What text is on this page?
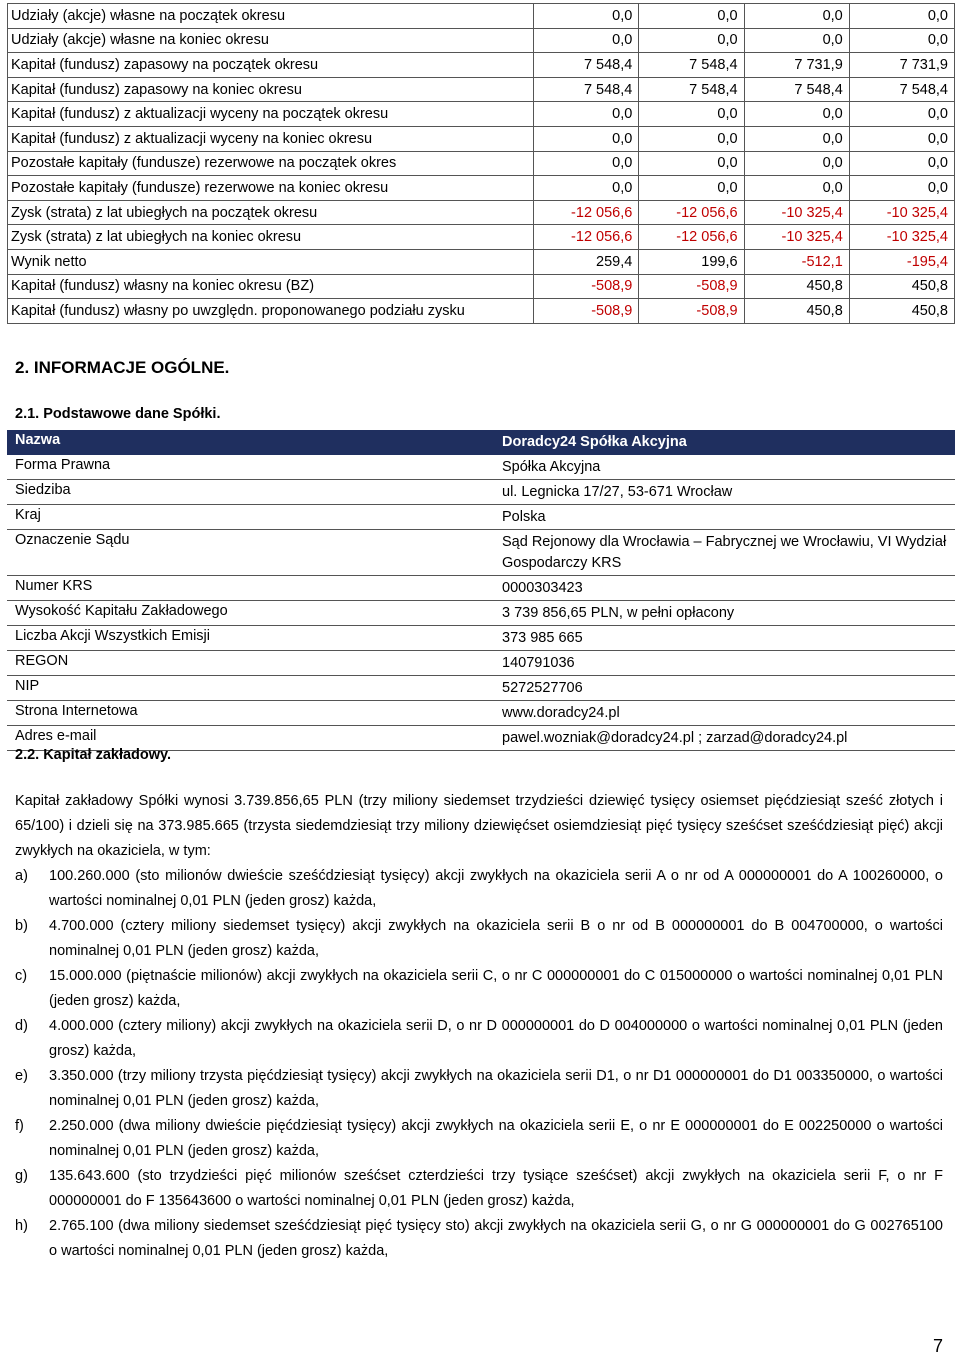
Udziały (akcje) własne na początek okresu	0,0	0,0	0,0	0,0
Udziały (akcje) własne na koniec okresu	0,0	0,0	0,0	0,0
Kapitał (fundusz) zapasowy na początek okresu	7 548,4	7 548,4	7 731,9	7 731,9
Kapitał (fundusz) zapasowy na koniec okresu	7 548,4	7 548,4	7 548,4	7 548,4
Kapitał (fundusz) z aktualizacji wyceny na początek okresu	0,0	0,0	0,0	0,0
Kapitał (fundusz) z aktualizacji wyceny na koniec okresu	0,0	0,0	0,0	0,0
Pozostałe kapitały (fundusze) rezerwowe na początek okres	0,0	0,0	0,0	0,0
Pozostałe kapitały (fundusze) rezerwowe na koniec okresu	0,0	0,0	0,0	0,0
Zysk (strata) z lat ubiegłych na początek okresu	-12 056,6	-12 056,6	-10 325,4	-10 325,4
Zysk (strata) z lat ubiegłych na koniec okresu	-12 056,6	-12 056,6	-10 325,4	-10 325,4
Wynik netto	259,4	199,6	-512,1	-195,4
Kapitał (fundusz) własny na koniec okresu (BZ)	-508,9	-508,9	450,8	450,8
Kapitał (fundusz) własny po uwzględn. proponowanego podziału zysku	-508,9	-508,9	450,8	450,8
2. INFORMACJE OGÓLNE.
2.1. Podstawowe dane Spółki.
Nazwa	Doradcy24 Spółka Akcyjna
Forma Prawna	Spółka Akcyjna
Siedziba	ul. Legnicka 17/27, 53-671 Wrocław
Kraj	Polska
Oznaczenie Sądu	Sąd Rejonowy dla Wrocławia – Fabrycznej we Wrocławiu, VI Wydział Gospodarczy KRS
Numer KRS	0000303423
Wysokość Kapitału Zakładowego	3 739 856,65 PLN, w pełni opłacony
Liczba Akcji Wszystkich Emisji	373 985 665
REGON	140791036
NIP	5272527706
Strona Internetowa	www.doradcy24.pl
Adres e-mail	pawel.wozniak@doradcy24.pl ; zarzad@doradcy24.pl
2.2. Kapitał zakładowy.
Kapitał zakładowy Spółki wynosi 3.739.856,65 PLN (trzy miliony siedemset trzydzieści dziewięć tysięcy osiemset pięćdziesiąt sześć złotych i 65/100) i dzieli się na 373.985.665 (trzysta siedemdziesiąt trzy miliony dziewięćset osiemdziesiąt pięć tysięcy sześćset sześćdziesiąt pięć) akcji zwykłych na okaziciela, w tym:
a) 100.260.000 (sto milionów dwieście sześćdziesiąt tysięcy) akcji zwykłych na okaziciela serii A o nr od A 000000001 do A 100260000, o wartości nominalnej 0,01 PLN (jeden grosz) każda,
b) 4.700.000 (cztery miliony siedemset tysięcy) akcji zwykłych na okaziciela serii B o nr od B 000000001 do B 004700000, o wartości nominalnej 0,01 PLN (jeden grosz) każda,
c) 15.000.000 (piętnaście milionów) akcji zwykłych na okaziciela serii C, o nr C 000000001 do C 015000000 o wartości nominalnej 0,01 PLN (jeden grosz) każda,
d) 4.000.000 (cztery miliony) akcji zwykłych na okaziciela serii D, o nr D 000000001 do D 004000000 o wartości nominalnej 0,01 PLN (jeden grosz) każda,
e) 3.350.000 (trzy miliony trzysta pięćdziesiąt tysięcy) akcji zwykłych na okaziciela serii D1, o nr D1 000000001 do D1 003350000, o wartości nominalnej 0,01 PLN (jeden grosz) każda,
f) 2.250.000 (dwa miliony dwieście pięćdziesiąt tysięcy) akcji zwykłych na okaziciela serii E, o nr E 000000001 do E 002250000 o wartości nominalnej 0,01 PLN (jeden grosz) każda,
g) 135.643.600 (sto trzydzieści pięć milionów sześćset czterdzieści trzy tysiące sześćset) akcji zwykłych na okaziciela serii F, o nr F 000000001 do F 135643600 o wartości nominalnej 0,01 PLN (jeden grosz) każda,
h) 2.765.100 (dwa miliony siedemset sześćdziesiąt pięć tysięcy sto) akcji zwykłych na okaziciela serii G, o nr G 000000001 do G 002765100 o wartości nominalnej 0,01 PLN (jeden grosz) każda,
7
